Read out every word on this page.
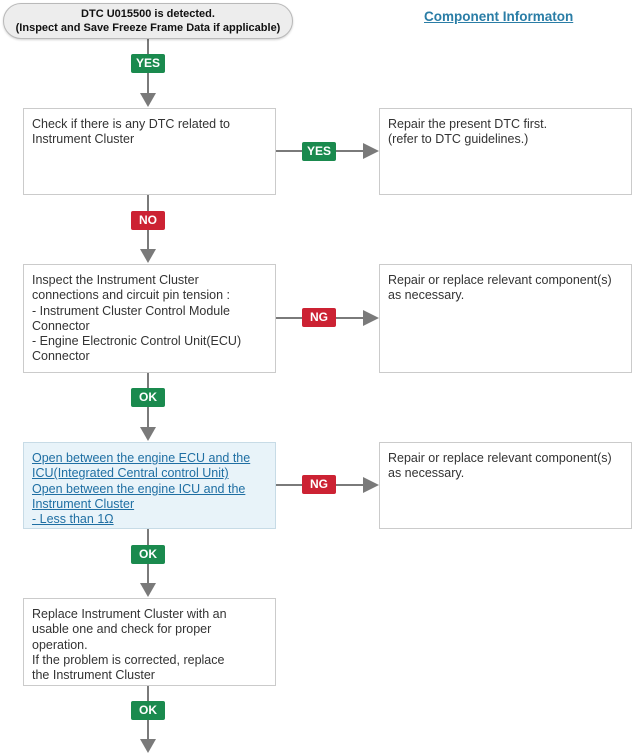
DTC U015500 is detected.
(Inspect and Save Freeze Frame Data if applicable)
Component Informaton
Check if there is any DTC related to
Instrument Cluster
Repair the present DTC first.
(refer to DTC guidelines.)
Inspect the Instrument Cluster
connections and circuit pin tension :
- Instrument Cluster Control Module
Connector
- Engine Electronic Control Unit(ECU)
Connector
Repair or replace relevant component(s)
as necessary.
Open between the engine ECU and the
ICU(Integrated Central control Unit)
Open between the engine ICU and the
Instrument Cluster
- Less than 1Ω
Repair or replace relevant component(s)
as necessary.
Replace Instrument Cluster with an
usable one and check for proper
operation.
If the problem is corrected, replace
the Instrument Cluster
YES
YES
NO
NG
OK
NG
OK
OK
